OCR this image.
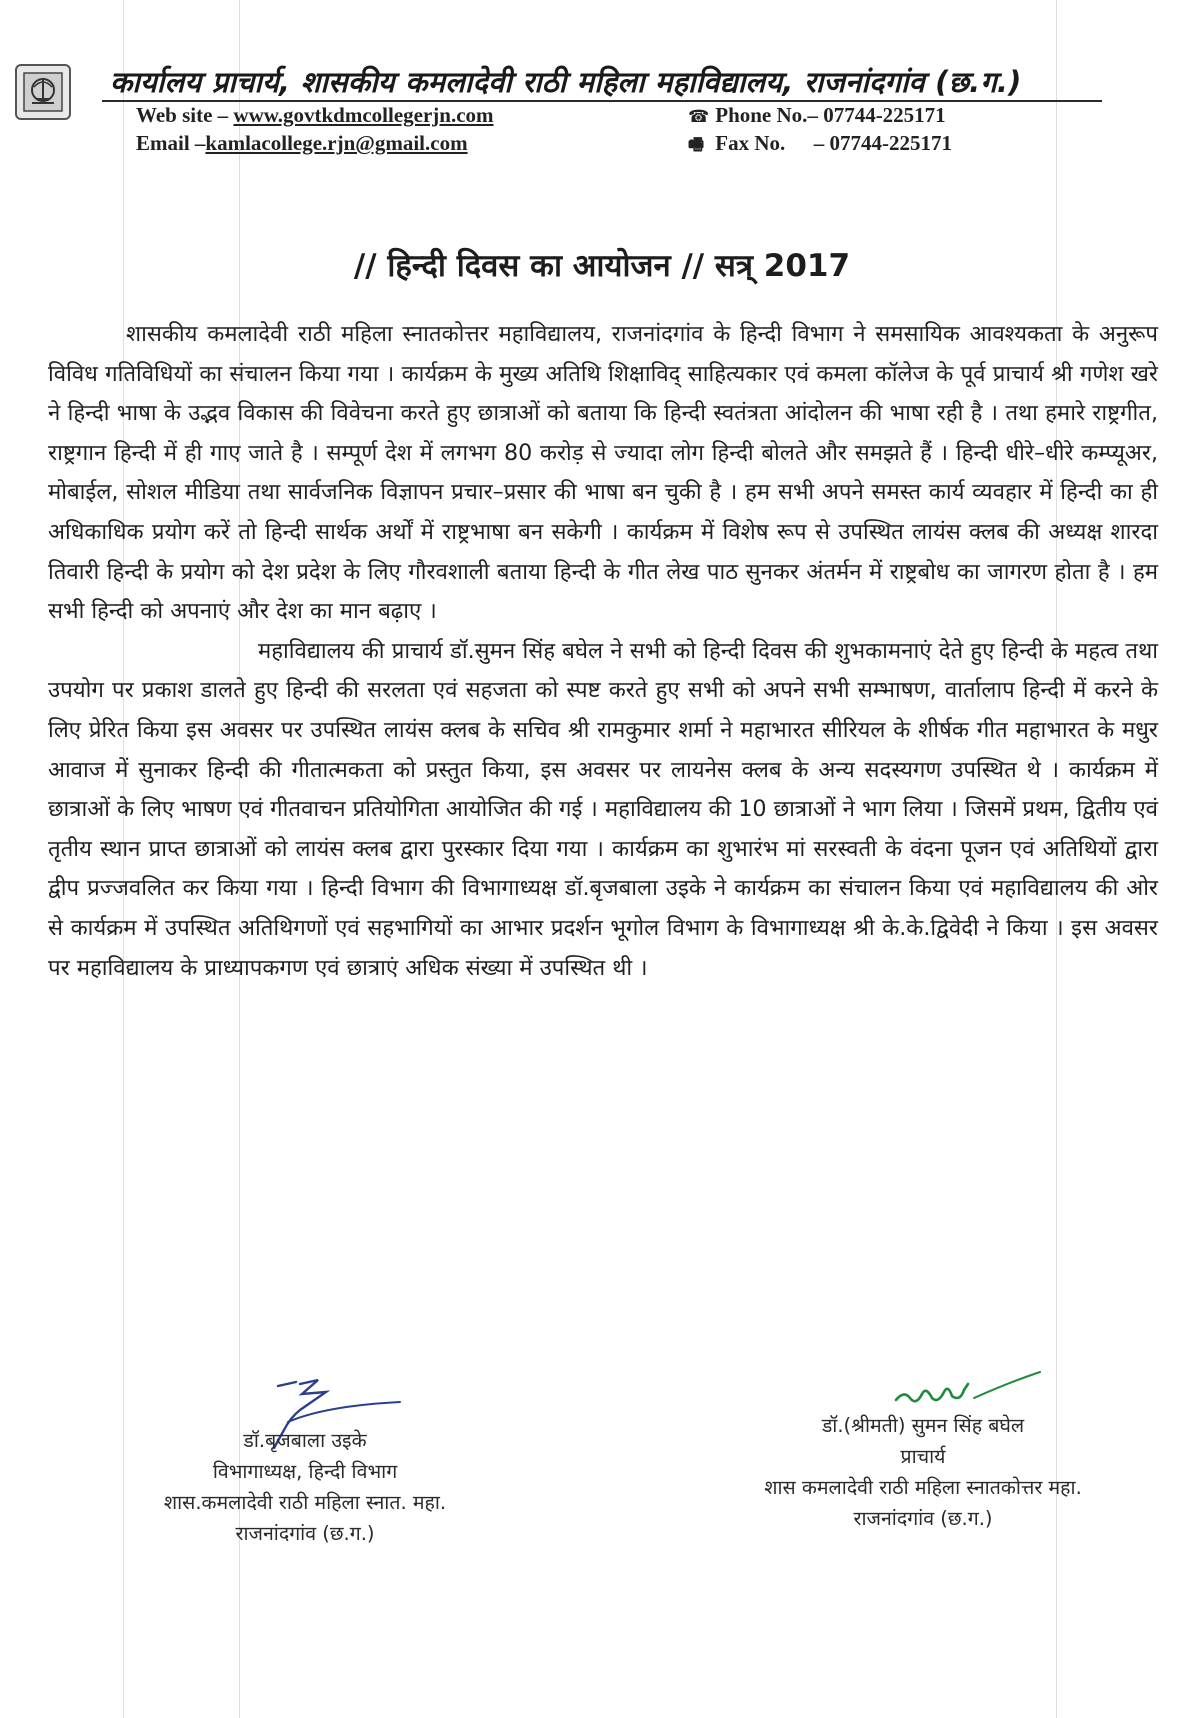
कार्यालय प्राचार्य, शासकीय कमलादेवी राठी महिला महाविद्यालय, राजनांदगांव (छ.ग.)
Web site – www.govtkdmcollegerjn.com
Email –kamlacollege.rjn@gmail.com
☎ Phone No.– 07744-225171
🖷 Fax No. – 07744-225171
// हिन्दी दिवस का आयोजन // सत्र् 2017

शासकीय कमलादेवी राठी महिला स्नातकोत्तर महाविद्यालय, राजनांदगांव के हिन्दी विभाग ने समसायिक आवश्यकता के अनुरूप विविध गतिविधियों का संचालन किया गया । कार्यक्रम के मुख्य अतिथि शिक्षाविद् साहित्यकार एवं कमला कॉलेज के पूर्व प्राचार्य श्री गणेश खरे ने हिन्दी भाषा के उद्भव विकास की विवेचना करते हुए छात्राओं को बताया कि हिन्दी स्वतंत्रता आंदोलन की भाषा रही है । तथा हमारे राष्ट्रगीत, राष्ट्रगान हिन्दी में ही गाए जाते है । सम्पूर्ण देश में लगभग 80 करोड़ से ज्यादा लोग हिन्दी बोलते और समझते हैं । हिन्दी धीरे–धीरे कम्प्यूअर, मोबाईल, सोशल मीडिया तथा सार्वजनिक विज्ञापन प्रचार–प्रसार की भाषा बन चुकी है । हम सभी अपने समस्त कार्य व्यवहार में हिन्दी का ही अधिकाधिक प्रयोग करें तो हिन्दी सार्थक अर्थों में राष्ट्रभाषा बन सकेगी । कार्यक्रम में विशेष रूप से उपस्थित लायंस क्लब की अध्यक्ष शारदा तिवारी हिन्दी के प्रयोग को देश प्रदेश के लिए गौरवशाली बताया हिन्दी के गीत लेख पाठ सुनकर अंतर्मन में राष्ट्रबोध का जागरण होता है । हम सभी हिन्दी को अपनाएं और देश का मान बढ़ाए ।

महाविद्यालय की प्राचार्य डॉ.सुमन सिंह बघेल ने सभी को हिन्दी दिवस की शुभकामनाएं देते हुए हिन्दी के महत्व तथा उपयोग पर प्रकाश डालते हुए हिन्दी की सरलता एवं सहजता को स्पष्ट करते हुए सभी को अपने सभी सम्भाषण, वार्तालाप हिन्दी में करने के लिए प्रेरित किया इस अवसर पर उपस्थित लायंस क्लब के सचिव श्री रामकुमार शर्मा ने महाभारत सीरियल के शीर्षक गीत महाभारत के मधुर आवाज में सुनाकर हिन्दी की गीतात्मकता को प्रस्तुत किया, इस अवसर पर लायनेस क्लब के अन्य सदस्यगण उपस्थित थे । कार्यक्रम में छात्राओं के लिए भाषण एवं गीतवाचन प्रतियोगिता आयोजित की गई । महाविद्यालय की 10 छात्राओं ने भाग लिया । जिसमें प्रथम, द्वितीय एवं तृतीय स्थान प्राप्त छात्राओं को लायंस क्लब द्वारा पुरस्कार दिया गया । कार्यक्रम का शुभारंभ मां सरस्वती के वंदना पूजन एवं अतिथियों द्वारा द्वीप प्रज्जवलित कर किया गया । हिन्दी विभाग की विभागाध्यक्ष डॉ.बृजबाला उइके ने कार्यक्रम का संचालन किया एवं महाविद्यालय की ओर से कार्यक्रम में उपस्थित अतिथिगणों एवं सहभागियों का आभार प्रदर्शन भूगोल विभाग के विभागाध्यक्ष श्री के.के.द्विवेदी ने किया । इस अवसर पर महाविद्यालय के प्राध्यापकगण एवं छात्राएं अधिक संख्या में उपस्थित थी ।

डॉ.बृजबाला उइके
विभागाध्यक्ष, हिन्दी विभाग
शास.कमलादेवी राठी महिला स्नात. महा.
राजनांदगांव (छ.ग.)
डॉ.(श्रीमती) सुमन सिंह बघेल
प्राचार्य
शास कमलादेवी राठी महिला स्नातकोत्तर महा.
राजनांदगांव (छ.ग.)
